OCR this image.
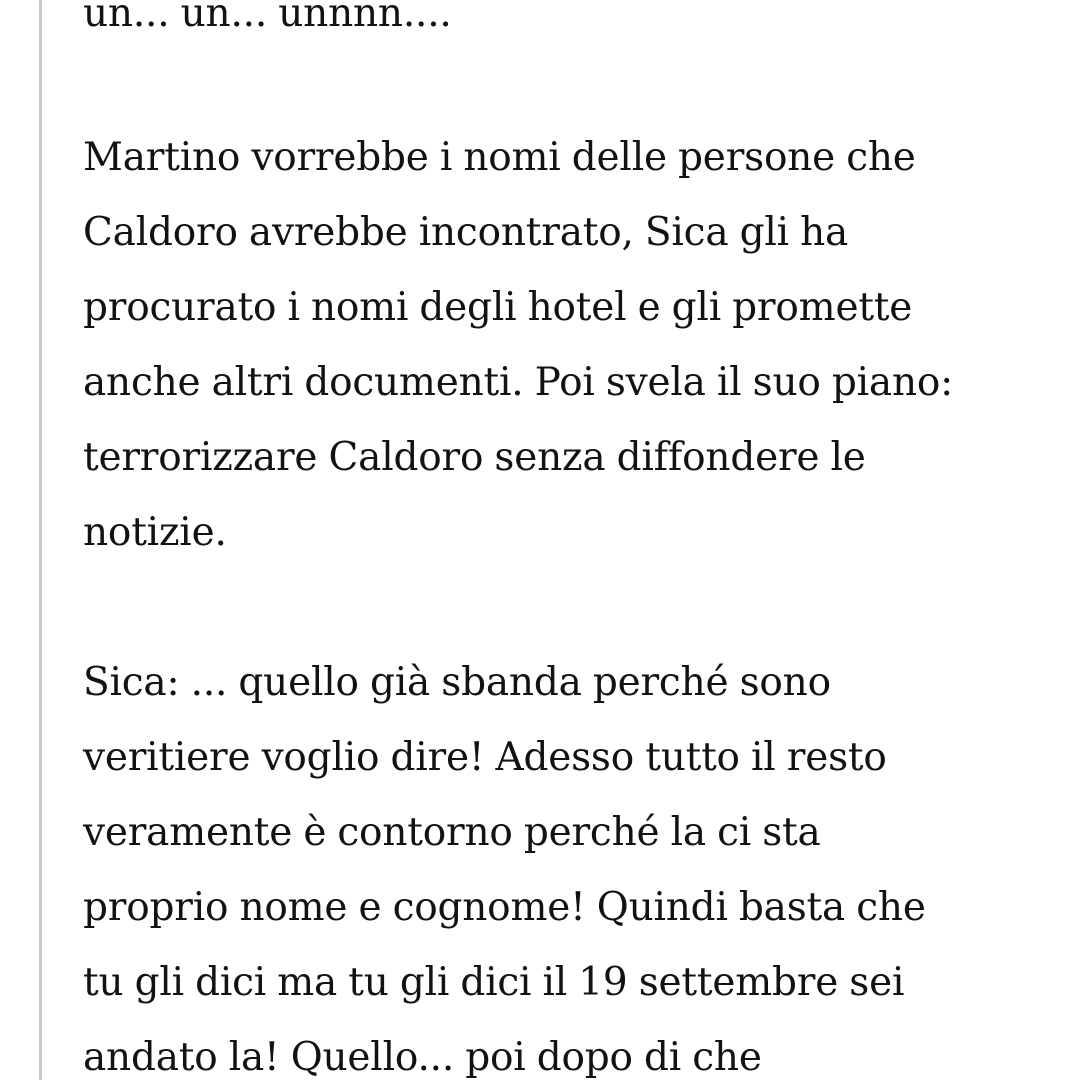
un... un... unnnn....
Martino vorrebbe i nomi delle persone che
Caldoro avrebbe incontrato, Sica gli ha
procurato i nomi degli hotel e gli promette
anche altri documenti. Poi svela il suo piano:
terrorizzare Caldoro senza diffondere le
notizie.
Sica: ... quello già sbanda perché sono
veritiere voglio dire! Adesso tutto il resto
veramente è contorno perché la ci sta
proprio nome e cognome! Quindi basta che
tu gli dici ma tu gli dici il 19 settembre sei
andato la! Quello... poi dopo di che
